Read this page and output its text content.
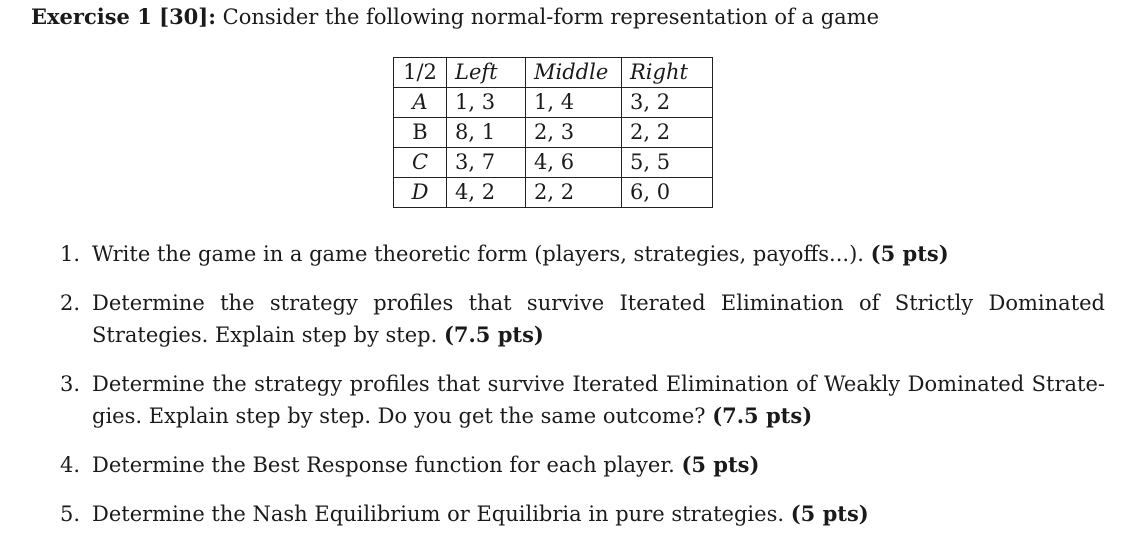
Exercise 1 [30]: Consider the following normal-form representation of a game
1/2	Left	Middle	Right
A	1, 3	1, 4	3, 2
B	8, 1	2, 3	2, 2
C	3, 7	4, 6	5, 5
D	4, 2	2, 2	6, 0
1. Write the game in a game theoretic form (players, strategies, payoffs...). (5 pts)
2. Determine the strategy profiles that survive Iterated Elimination of Strictly Dominated Strategies. Explain step by step. (7.5 pts)
3. Determine the strategy profiles that survive Iterated Elimination of Weakly Dominated Strate-gies. Explain step by step. Do you get the same outcome? (7.5 pts)
4. Determine the Best Response function for each player. (5 pts)
5. Determine the Nash Equilibrium or Equilibria in pure strategies. (5 pts)
